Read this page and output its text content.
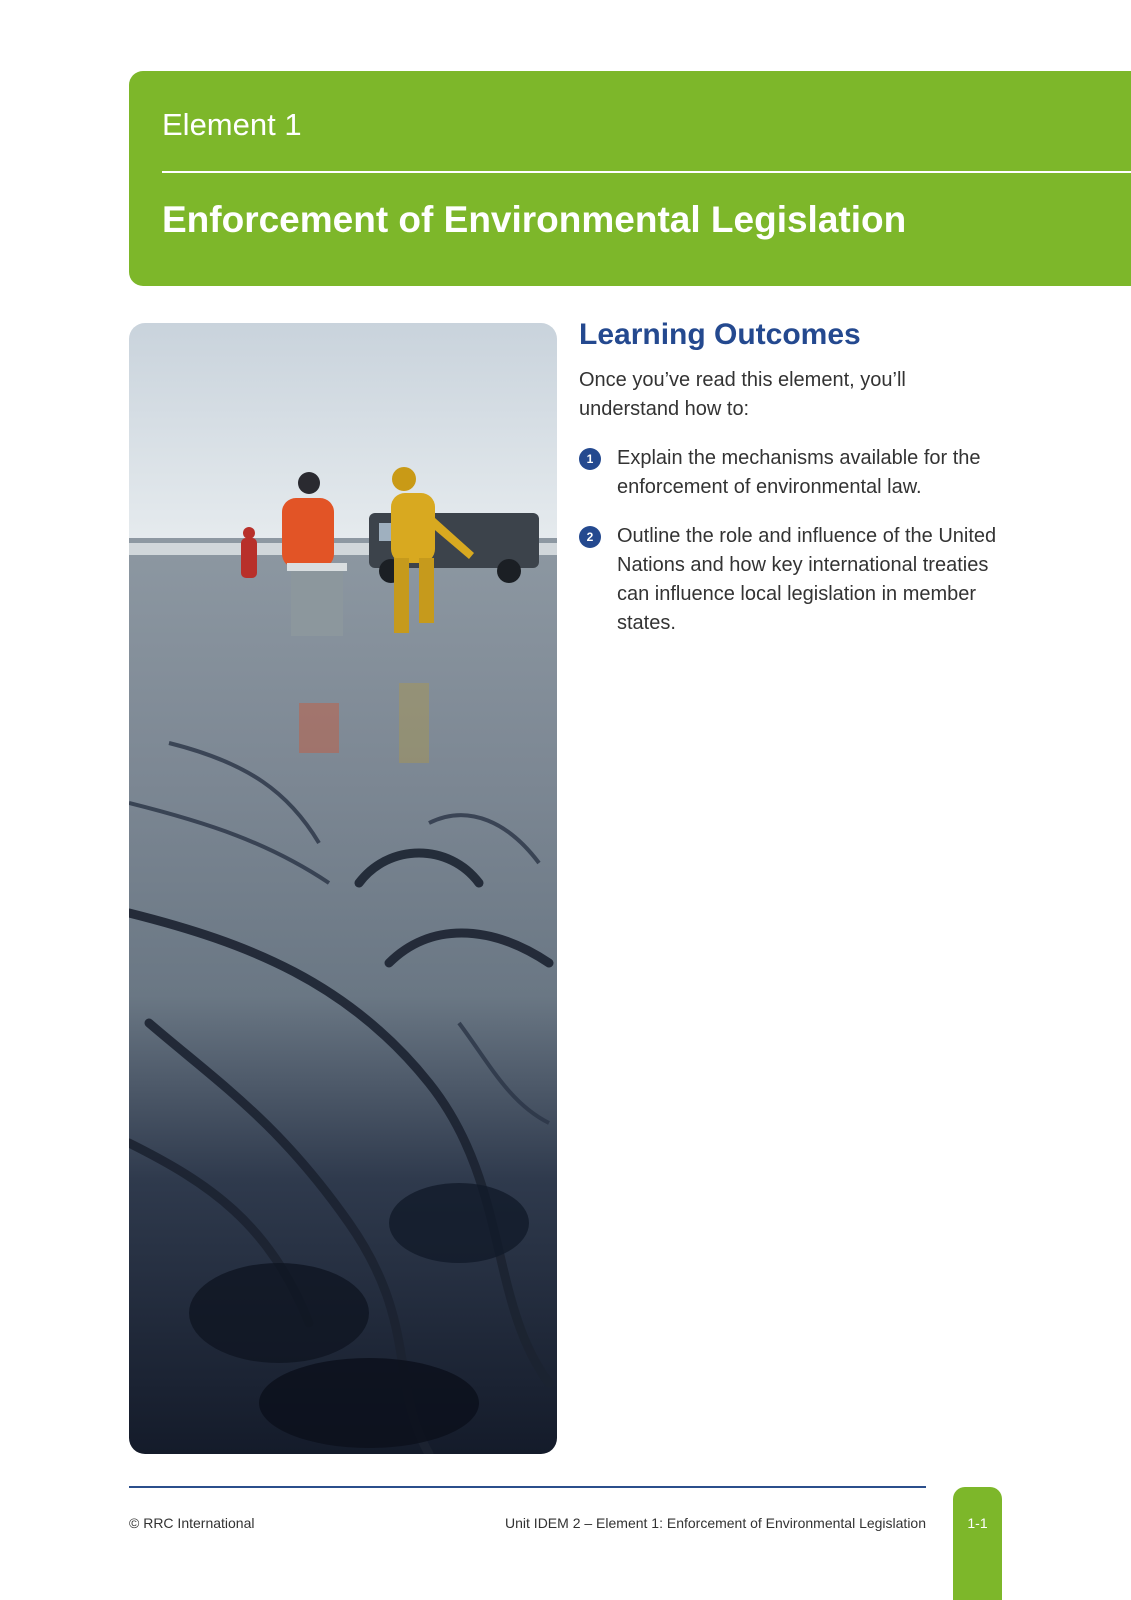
Element 1
Enforcement of Environmental Legislation
Learning Outcomes

Once you’ve read this element, you’ll understand how to:

1	Explain the mechanisms available for the enforcement of environmental law.
2	Outline the role and influence of the United Nations and how key international treaties can influence local legislation in member states.
© RRC International	Unit IDEM 2 – Element 1: Enforcement of Environmental Legislation	1-1
